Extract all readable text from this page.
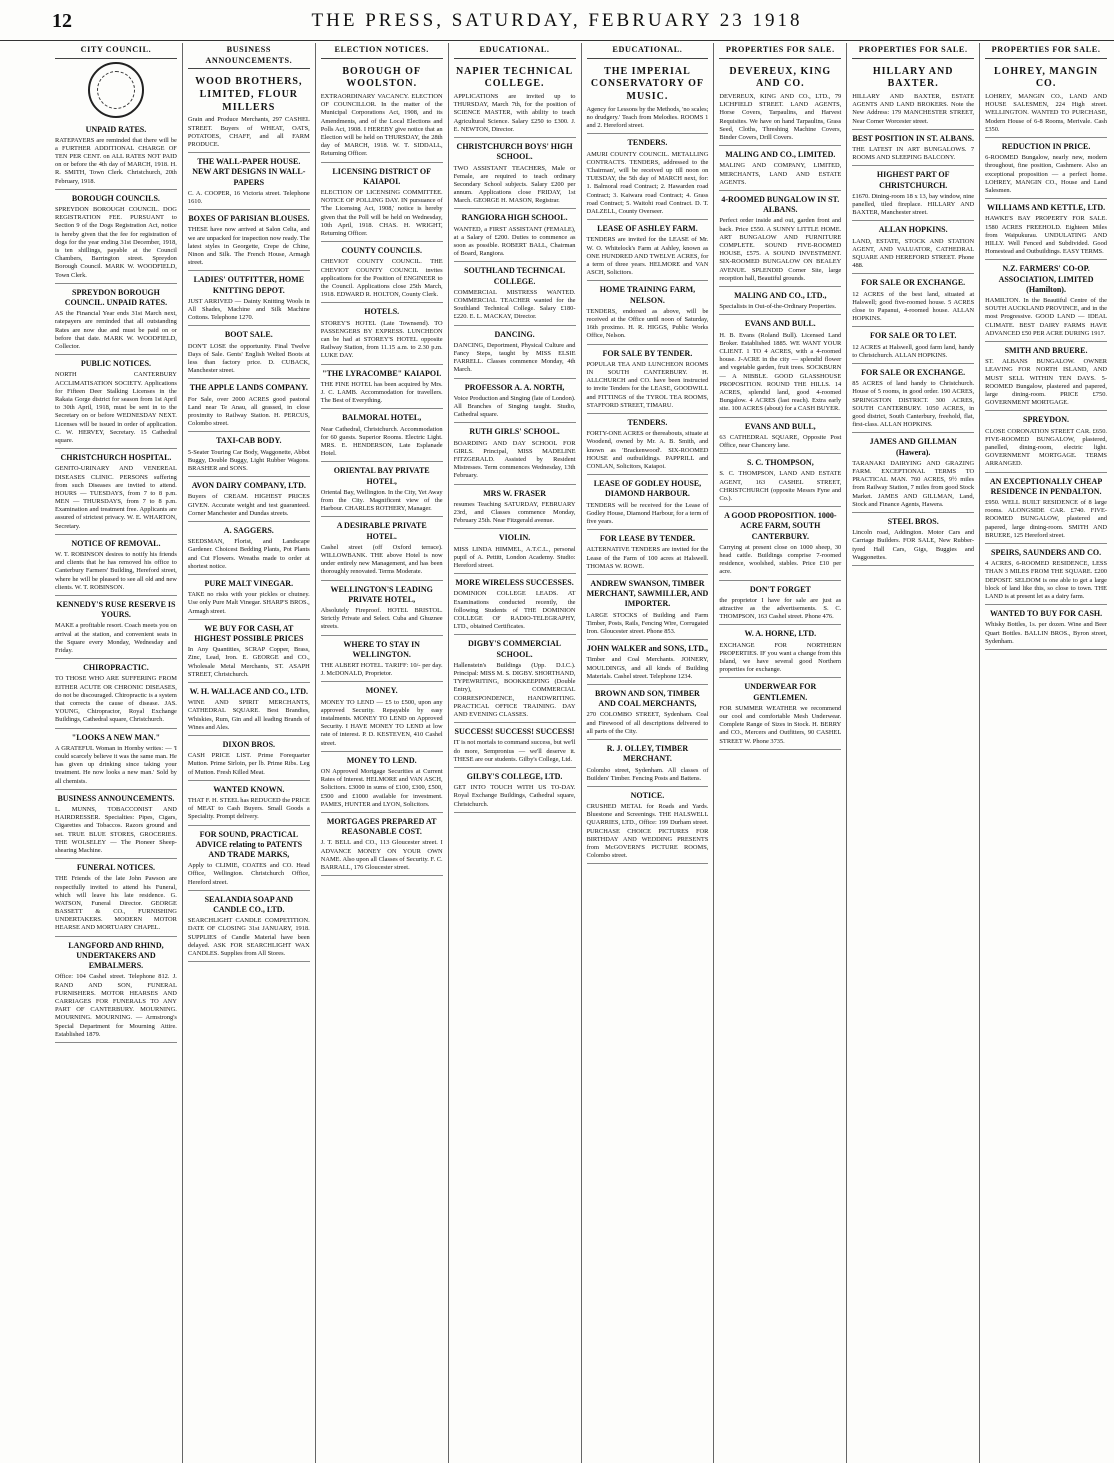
12	THE PRESS, SATURDAY, FEBRUARY 23 1918
CITY COUNCIL.
UNPAID RATES.
RATEPAYERS are reminded that there will be a FURTHER ADDITIONAL CHARGE OF TEN PER CENT. on ALL RATES NOT PAID on or before the 4th day of MARCH, 1918. H. R. SMITH, Town Clerk. Christchurch, 20th February, 1918.
BOROUGH COUNCILS.
SPREYDON BOROUGH COUNCIL. DOG REGISTRATION FEE. PURSUANT to Section 9 of the Dogs Registration Act, notice is hereby given that the fee for registration of dogs for the year ending 31st December, 1918, is ten shillings, payable at the Council Chambers, Barrington street. Spreydon Borough Council. MARK W. WOODFIELD, Town Clerk.
SPREYDON BOROUGH COUNCIL. UNPAID RATES.
AS the Financial Year ends 31st March next, ratepayers are reminded that all outstanding Rates are now due and must be paid on or before that date. MARK W. WOODFIELD, Collector.
PUBLIC NOTICES.
NORTH CANTERBURY ACCLIMATISATION SOCIETY. Applications for Fifteen Deer Stalking Licenses in the Rakaia Gorge district for season from 1st April to 30th April, 1918, must be sent in to the Secretary on or before WEDNESDAY NEXT. Licenses will be issued in order of application. C. W. HERVEY, Secretary. 15 Cathedral square.
CHRISTCHURCH HOSPITAL.
GENITO-URINARY AND VENEREAL DISEASES CLINIC. PERSONS suffering from such Diseases are invited to attend. HOURS — TUESDAYS, from 7 to 8 p.m. MEN — THURSDAYS, from 7 to 8 p.m. Examination and treatment free. Applicants are assured of strictest privacy. W. E. WHARTON, Secretary.
NOTICE OF REMOVAL.
W. T. ROBINSON desires to notify his friends and clients that he has removed his office to Canterbury Farmers' Building, Hereford street, where he will be pleased to see all old and new clients. W. T. ROBINSON.
KENNEDY'S RUSE RESERVE IS YOURS.
MAKE a profitable resort. Coach meets you on arrival at the station, and convenient seats in the Square every Monday, Wednesday and Friday.
CHIROPRACTIC.
TO THOSE WHO ARE SUFFERING FROM EITHER ACUTE OR CHRONIC DISEASES, do not be discouraged. Chiropractic is a system that corrects the cause of disease. JAS. YOUNG, Chiropractor, Royal Exchange Buildings, Cathedral square, Christchurch.
"LOOKS A NEW MAN."
A GRATEFUL Woman in Hornby writes: — 'I could scarcely believe it was the same man. He has given up drinking since taking your treatment. He now looks a new man.' Sold by all chemists.
BUSINESS ANNOUNCEMENTS.
L. MUNNS, TOBACCONIST AND HAIRDRESSER. Specialties: Pipes, Cigars, Cigarettes and Tobaccos. Razors ground and set. TRUE BLUE STORES, GROCERIES. THE WOLSELEY — The Pioneer Sheep-shearing Machine.
FUNERAL NOTICES.
THE Friends of the late John Pawson are respectfully invited to attend his Funeral, which will leave his late residence. G. WATSON, Funeral Director. GEORGE BASSETT & CO., FURNISHING UNDERTAKERS. MODERN MOTOR HEARSE AND MORTUARY CHAPEL.
LANGFORD AND RHIND, UNDERTAKERS AND EMBALMERS.
Office: 104 Cashel street. Telephone 812. J. RAND AND SON, FUNERAL FURNISHERS. MOTOR HEARSES AND CARRIAGES FOR FUNERALS TO ANY PART OF CANTERBURY. MOURNING. MOURNING. MOURNING. — Armstrong's Special Department for Mourning Attire. Established 1879.
BUSINESS ANNOUNCEMENTS.
WOOD BROTHERS, LIMITED, FLOUR MILLERS
Grain and Produce Merchants, 297 CASHEL STREET. Buyers of WHEAT, OATS, POTATOES, CHAFF, and all FARM PRODUCE.
THE WALL-PAPER HOUSE. NEW ART DESIGNS IN WALL-PAPERS
C. A. COOPER, 16 Victoria street. Telephone 1610.
BOXES OF PARISIAN BLOUSES.
THESE have now arrived at Salon Celia, and we are unpacked for inspection now ready. The latest styles in Georgette, Crepe de Chine, Ninon and Silk. The French House, Armagh street.
LADIES' OUTFITTER, HOME KNITTING DEPOT.
JUST ARRIVED — Dainty Knitting Wools in All Shades, Machine and Silk Machine Cottons. Telephone 1270.
BOOT SALE.
DON'T LOSE the opportunity. Final Twelve Days of Sale. Gents' English Welted Boots at less than factory price. D. CUBACK, Manchester street.
THE APPLE LANDS COMPANY.
For Sale, over 2000 ACRES good pastoral Land near Te Anau, all grassed, in close proximity to Railway Station. H. PERCUS, Colombo street.
TAXI-CAB BODY.
5-Seater Touring Car Body, Waggonette, Abbot Buggy, Double Buggy, Light Rubber Wagons. BRASHER and SONS.
AVON DAIRY COMPANY, LTD.
Buyers of CREAM. HIGHEST PRICES GIVEN. Accurate weight and test guaranteed. Corner Manchester and Dundas streets.
A. SAGGERS.
SEEDSMAN, Florist, and Landscape Gardener. Choicest Bedding Plants, Pot Plants and Cut Flowers. Wreaths made to order at shortest notice.
PURE MALT VINEGAR.
TAKE no risks with your pickles or chutney. Use only Pure Malt Vinegar. SHARP'S BROS., Armagh street.
WE BUY FOR CASH, AT HIGHEST POSSIBLE PRICES
In Any Quantities, SCRAP Copper, Brass, Zinc, Lead, Iron. E. GEORGE and CO., Wholesale Metal Merchants, ST. ASAPH STREET, Christchurch.
W. H. WALLACE AND CO., LTD.
WINE AND SPIRIT MERCHANTS, CATHEDRAL SQUARE. Best Brandies, Whiskies, Rum, Gin and all leading Brands of Wines and Ales.
DIXON BROS.
CASH PRICE LIST. Prime Forequarter Mutton. Prime Sirloin, per lb. Prime Ribs. Leg of Mutton. Fresh Killed Meat.
WANTED KNOWN.
THAT F. H. STEEL has REDUCED the PRICE of MEAT to Cash Buyers. Small Goods a Speciality. Prompt delivery.
FOR SOUND, PRACTICAL ADVICE relating to PATENTS AND TRADE MARKS,
Apply to CLIMIE, COATES and CO. Head Office, Wellington. Christchurch Office, Hereford street.
SEALANDIA SOAP AND CANDLE CO., LTD.
SEARCHLIGHT CANDLE COMPETITION. DATE OF CLOSING 31st JANUARY, 1918. SUPPLIES of Candle Material have been delayed. ASK FOR SEARCHLIGHT WAX CANDLES. Supplies from All Stores.
ELECTION NOTICES.
BOROUGH OF WOOLSTON.
EXTRAORDINARY VACANCY. ELECTION OF COUNCILLOR. In the matter of the Municipal Corporations Act, 1908, and its Amendments, and of the Local Elections and Polls Act, 1908. I HEREBY give notice that an Election will be held on THURSDAY, the 28th day of MARCH, 1918. W. T. SIDDALL, Returning Officer.
LICENSING DISTRICT OF KAIAPOI.
ELECTION OF LICENSING COMMITTEE. NOTICE OF POLLING DAY. IN pursuance of 'The Licensing Act, 1908,' notice is hereby given that the Poll will be held on Wednesday, 10th April, 1918. CHAS. H. WRIGHT, Returning Officer.
COUNTY COUNCILS.
CHEVIOT COUNTY COUNCIL. THE CHEVIOT COUNTY COUNCIL invites applications for the Position of ENGINEER to the Council. Applications close 25th March, 1918. EDWARD R. HOLTON, County Clerk.
HOTELS.
STOREY'S HOTEL (Late Townsend). TO PASSENGERS BY EXPRESS. LUNCHEON can be had at STOREY'S HOTEL opposite Railway Station, from 11.15 a.m. to 2.30 p.m. LUKE DAY.
"THE LYRACOMBE" KAIAPOI.
THE FINE HOTEL has been acquired by Mrs. J. C. LAMB. Accommodation for travellers. The Best of Everything.
BALMORAL HOTEL,
Near Cathedral, Christchurch. Accommodation for 60 guests. Superior Rooms. Electric Light. MRS. E. HENDERSON, Late Esplanade Hotel.
ORIENTAL BAY PRIVATE HOTEL,
Oriental Bay, Wellington. In the City, Yet Away from the City. Magnificent view of the Harbour. CHARLES ROTHERY, Manager.
A DESIRABLE PRIVATE HOTEL.
Cashel street (off Oxford terrace). WILLOWBANK. THE above Hotel is now under entirely new Management, and has been thoroughly renovated. Terms Moderate.
WELLINGTON'S LEADING PRIVATE HOTEL,
Absolutely Fireproof. HOTEL BRISTOL. Strictly Private and Select. Cuba and Ghuznee streets.
WHERE TO STAY IN WELLINGTON.
THE ALBERT HOTEL. TARIFF: 10/- per day. J. McDONALD, Proprietor.
MONEY.
MONEY TO LEND — £5 to £500, upon any approved Security. Repayable by easy instalments. MONEY TO LEND on Approved Security. I HAVE MONEY TO LEND at low rate of interest. P. D. KESTEVEN, 410 Cashel street.
MONEY TO LEND.
ON Approved Mortgage Securities at Current Rates of Interest. HELMORE and VAN ASCH, Solicitors. £3000 in sums of £100, £300, £500, £500 and £1000 available for investment. PAMES, HUNTER and LYON, Solicitors.
MORTGAGES PREPARED AT REASONABLE COST.
J. T. BELL and CO., 113 Gloucester street. I ADVANCE MONEY ON YOUR OWN NAME. Also upon all Classes of Security. F. C. BARRALL, 176 Gloucester street.
EDUCATIONAL.
NAPIER TECHNICAL COLLEGE.
APPLICATIONS are invited up to THURSDAY, March 7th, for the position of SCIENCE MASTER, with ability to teach Agricultural Science. Salary £250 to £300. J. E. NEWTON, Director.
CHRISTCHURCH BOYS' HIGH SCHOOL.
TWO ASSISTANT TEACHERS, Male or Female, are required to teach ordinary Secondary School subjects. Salary £200 per annum. Applications close FRIDAY, 1st March. GEORGE H. MASON, Registrar.
RANGIORA HIGH SCHOOL.
WANTED, a FIRST ASSISTANT (FEMALE), at a Salary of £200. Duties to commence as soon as possible. ROBERT BALL, Chairman of Board, Rangiora.
SOUTHLAND TECHNICAL COLLEGE.
COMMERCIAL MISTRESS WANTED. COMMERCIAL TEACHER wanted for the Southland Technical College. Salary £180-£220. E. L. MACKAY, Director.
DANCING.
DANCING, Deportment, Physical Culture and Fancy Steps, taught by MISS ELSIE FARRELL. Classes commence Monday, 4th March.
PROFESSOR A. A. NORTH,
Voice Production and Singing (late of London). All Branches of Singing taught. Studio, Cathedral square.
RUTH GIRLS' SCHOOL.
BOARDING AND DAY SCHOOL FOR GIRLS. Principal, MISS MADELINE FITZGERALD. Assisted by Resident Mistresses. Term commences Wednesday, 13th February.
MRS W. FRASER
resumes Teaching SATURDAY, FEBRUARY 23rd, and Classes commence Monday, February 25th. Near Fitzgerald avenue.
VIOLIN.
MISS LINDA HIMMEL, A.T.C.L., personal pupil of A. Pettitt, London Academy. Studio: Hereford street.
MORE WIRELESS SUCCESSES.
DOMINION COLLEGE LEADS. AT Examinations conducted recently, the following Students of THE DOMINION COLLEGE OF RADIO-TELEGRAPHY, LTD., obtained Certificates.
DIGBY'S COMMERCIAL SCHOOL.
Hallenstein's Buildings (Upp. D.I.C.). Principal: MISS M. S. DIGBY. SHORTHAND, TYPEWRITING, BOOKKEEPING (Double Entry), COMMERCIAL CORRESPONDENCE, HANDWRITING. PRACTICAL OFFICE TRAINING. DAY AND EVENING CLASSES.
SUCCESS! SUCCESS! SUCCESS!
IT is not mortals to command success, but we'll do more, Sempronius — we'll deserve it. THESE are our students. Gilby's College, Ltd.
GILBY'S COLLEGE, LTD.
GET INTO TOUCH WITH US TO-DAY. Royal Exchange Buildings, Cathedral square, Christchurch.
EDUCATIONAL.
THE IMPERIAL CONSERVATORY OF MUSIC.
Agency for Lessons by the Methods, 'no scales; no drudgery.' Teach from Melodies. ROOMS 1 and 2. Hereford street.
TENDERS.
AMURI COUNTY COUNCIL. METALLING CONTRACTS. TENDERS, addressed to the 'Chairman', will be received up till noon on TUESDAY, the 5th day of MARCH next, for: 1. Balmoral road Contract; 2. Hawarden road Contract; 3. Kaiwara road Contract; 4. Grass road Contract; 5. Waitohi road Contract. D. T. DALZELL, County Overseer.
LEASE OF ASHLEY FARM.
TENDERS are invited for the LEASE of Mr. W. O. Whitelock's Farm at Ashley, known as ONE HUNDRED AND TWELVE ACRES, for a term of three years. HELMORE and VAN ASCH, Solicitors.
HOME TRAINING FARM, NELSON.
TENDERS, endorsed as above, will be received at the Office until noon of Saturday, 16th proximo. H. R. HIGGS, Public Works Office, Nelson.
FOR SALE BY TENDER.
POPULAR TEA AND LUNCHEON ROOMS IN SOUTH CANTERBURY. H. ALLCHURCH and CO. have been instructed to invite Tenders for the LEASE, GOODWILL and FITTINGS of the TYROL TEA ROOMS, STAFFORD STREET, TIMARU.
TENDERS.
FORTY-ONE ACRES or thereabouts, situate at Woodend, owned by Mr. A. B. Smith, and known as 'Brackenwood'. SIX-ROOMED HOUSE and outbuildings. PAPPRILL and CONLAN, Solicitors, Kaiapoi.
LEASE OF GODLEY HOUSE, DIAMOND HARBOUR.
TENDERS will be received for the Lease of Godley House, Diamond Harbour, for a term of five years.
FOR LEASE BY TENDER.
ALTERNATIVE TENDERS are invited for the Lease of the Farm of 100 acres at Halswell. THOMAS W. ROWE.
ANDREW SWANSON, TIMBER MERCHANT, SAWMILLER, AND IMPORTER.
LARGE STOCKS of Building and Farm Timber, Posts, Rails, Fencing Wire, Corrugated Iron. Gloucester street. Phone 853.
JOHN WALKER and SONS, LTD.,
Timber and Coal Merchants. JOINERY, MOULDINGS, and all kinds of Building Materials. Cashel street. Telephone 1234.
BROWN AND SON, TIMBER AND COAL MERCHANTS,
270 COLOMBO STREET, Sydenham. Coal and Firewood of all descriptions delivered to all parts of the City.
R. J. OLLEY, TIMBER MERCHANT.
Colombo street, Sydenham. All classes of Builders' Timber. Fencing Posts and Battens.
NOTICE.
CRUSHED METAL for Roads and Yards. Bluestone and Screenings. THE HALSWELL QUARRIES, LTD., Office: 199 Durham street. PURCHASE CHOICE PICTURES FOR BIRTHDAY AND WEDDING PRESENTS from McGOVERN'S PICTURE ROOMS, Colombo street.
PROPERTIES FOR SALE.
DEVEREUX, KING AND CO.
DEVEREUX, KING AND CO., LTD., 79 LICHFIELD STREET. LAND AGENTS, Horse Covers, Tarpaulins, and Harvest Requisites. We have on hand Tarpaulins, Grass Seed, Cloths, Threshing Machine Covers, Binder Covers, Drill Covers.
MALING AND CO., LIMITED.
MALING AND COMPANY, LIMITED, MERCHANTS, LAND AND ESTATE AGENTS.
4-ROOMED BUNGALOW IN ST. ALBANS.
Perfect order inside and out, garden front and back. Price £550. A SUNNY LITTLE HOME. ART BUNGALOW AND FURNITURE COMPLETE. SOUND FIVE-ROOMED HOUSE, £575. A SOUND INVESTMENT. SIX-ROOMED BUNGALOW ON BEALEY AVENUE. SPLENDID Corner Site, large reception hall, Beautiful grounds.
MALING AND CO., LTD.,
Specialists in Out-of-the-Ordinary Properties.
EVANS AND BULL.
H. B. Evans (Roland Bull). Licensed Land Broker. Established 1885. WE WANT YOUR CLIENT. 1 TO 4 ACRES, with a 4-roomed house. J-ACRE in the city — splendid flower and vegetable garden, fruit trees. SOCKBURN — A NIBBLE. GOOD GLASSHOUSE PROPOSITION. ROUND THE HILLS. 14 ACRES, splendid land, good 4-roomed Bungalow. 4 ACRES (last reach). Extra early site. 100 ACRES (about) for a CASH BUYER.
EVANS AND BULL,
63 CATHEDRAL SQUARE, Opposite Post Office, near Chancery lane.
S. C. THOMPSON,
S. C. THOMPSON, LAND AND ESTATE AGENT, 163 CASHEL STREET, CHRISTCHURCH (opposite Messrs Fyne and Co.).
A GOOD PROPOSITION. 1000-ACRE FARM, SOUTH CANTERBURY.
Carrying at present close on 1000 sheep, 30 head cattle. Buildings comprise 7-roomed residence, woolshed, stables. Price £10 per acre.
DON'T FORGET
the proprietor I have for sale are just as attractive as the advertisements. S. C. THOMPSON, 163 Cashel street. Phone 476.
W. A. HORNE, LTD.
EXCHANGE FOR NORTHERN PROPERTIES. IF you want a change from this Island, we have several good Northern properties for exchange.
UNDERWEAR FOR GENTLEMEN.
FOR SUMMER WEATHER we recommend our cool and comfortable Mesh Underwear. Complete Range of Sizes in Stock. H. BERRY and CO., Mercers and Outfitters, 90 CASHEL STREET W. Phone 3735.
PROPERTIES FOR SALE.
HILLARY AND BAXTER.
HILLARY AND BAXTER, ESTATE AGENTS AND LAND BROKERS. Note the New Address: 179 MANCHESTER STREET, Near Corner Worcester street.
BEST POSITION IN ST. ALBANS.
THE LATEST IN ART BUNGALOWS. 7 ROOMS AND SLEEPING BALCONY.
HIGHEST PART OF CHRISTCHURCH.
£1670. Dining-room 18 x 13, bay window, nine panelled, tiled fireplace. HILLARY AND BAXTER, Manchester street.
ALLAN HOPKINS.
LAND, ESTATE, STOCK AND STATION AGENT, AND VALUATOR, CATHEDRAL SQUARE AND HEREFORD STREET. Phone 488.
FOR SALE OR EXCHANGE.
12 ACRES of the best land, situated at Halswell; good five-roomed house. 5 ACRES close to Papanui, 4-roomed house. ALLAN HOPKINS.
FOR SALE OR TO LET.
12 ACRES at Halswell, good farm land, handy to Christchurch. ALLAN HOPKINS.
FOR SALE OR EXCHANGE.
85 ACRES of land handy to Christchurch. House of 5 rooms, in good order. 190 ACRES, SPRINGSTON DISTRICT. 300 ACRES, SOUTH CANTERBURY. 1050 ACRES, in good district, South Canterbury, freehold, flat, first-class. ALLAN HOPKINS.
JAMES AND GILLMAN (Hawera).
TARANAKI DAIRYING AND GRAZING FARM. EXCEPTIONAL TERMS TO PRACTICAL MAN. 760 ACRES, 9½ miles from Railway Station, 7 miles from good Stock Market. JAMES AND GILLMAN, Land, Stock and Finance Agents, Hawera.
STEEL BROS.
Lincoln road, Addington. Motor Cars and Carriage Builders. FOR SALE, New Rubber-tyred Hall Cars, Gigs, Buggies and Waggonettes.
PROPERTIES FOR SALE.
LOHREY, MANGIN CO.
LOHREY, MANGIN CO., LAND AND HOUSE SALESMEN, 224 High street. WELLINGTON. WANTED TO PURCHASE, Modern House of 6-8 Rooms, Merivale. Cash £350.
REDUCTION IN PRICE.
6-ROOMED Bungalow, nearly new, modern throughout, fine position, Cashmere. Also an exceptional proposition — a perfect home. LOHREY, MANGIN CO., House and Land Salesmen.
WILLIAMS AND KETTLE, LTD.
HAWKE'S BAY PROPERTY FOR SALE. 1580 ACRES FREEHOLD. Eighteen Miles from Waipukurau. UNDULATING AND HILLY. Well Fenced and Subdivided. Good Homestead and Outbuildings. EASY TERMS.
N.Z. FARMERS' CO-OP. ASSOCIATION, LIMITED (Hamilton).
HAMILTON. In the Beautiful Centre of the SOUTH AUCKLAND PROVINCE, and in the most Progressive. GOOD LAND — IDEAL CLIMATE. BEST DAIRY FARMS HAVE ADVANCED £50 PER ACRE DURING 1917.
SMITH AND BRUERE.
ST. ALBANS BUNGALOW. OWNER LEAVING FOR NORTH ISLAND, AND MUST SELL WITHIN TEN DAYS. 5-ROOMED Bungalow, plastered and papered, large dining-room. PRICE £750. GOVERNMENT MORTGAGE.
SPREYDON.
CLOSE CORONATION STREET CAR. £650. FIVE-ROOMED BUNGALOW, plastered, panelled, dining-room, electric light. GOVERNMENT MORTGAGE. TERMS ARRANGED.
AN EXCEPTIONALLY CHEAP RESIDENCE IN PENDALTON.
£950. WELL BUILT RESIDENCE of 8 large rooms. ALONGSIDE CAR. £740. FIVE-ROOMED BUNGALOW, plastered and papered, large dining-room. SMITH AND BRUERE, 125 Hereford street.
SPEIRS, SAUNDERS AND CO.
4 ACRES, 6-ROOMED RESIDENCE, LESS THAN 3 MILES FROM THE SQUARE. £200 DEPOSIT. SELDOM is one able to get a large block of land like this, so close to town. THE LAND is at present let as a dairy farm.
WANTED TO BUY FOR CASH.
Whisky Bottles, 1s. per dozen. Wine and Beer Quart Bottles. BALLIN BROS., Byron street, Sydenham.
